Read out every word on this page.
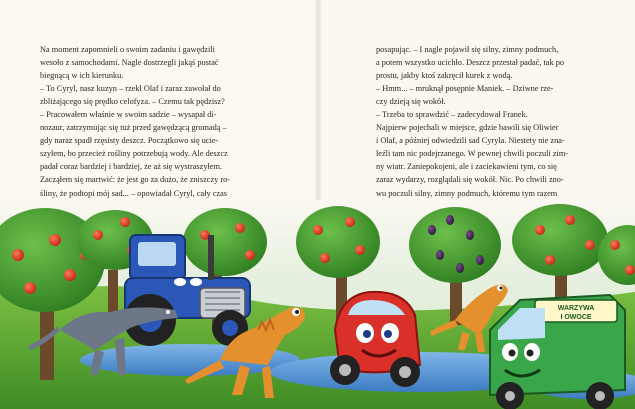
Na moment zapomnieli o swoim zadaniu i gawędzili

wesoło z samochodami. Nagle dostrzegli jakąś postać

biegnącą w ich kierunku.

– To Cyryl, nasz kuzyn – rzekł Olaf i zaraz zawołał do

zbliżającego się prędko celofyza. – Czemu tak pędzisz?

– Pracowałem właśnie w swoim sadzie – wysapał di-

nozaur, zatrzymując się tuż przed gawędzącą gromadą –

gdy naraz spadł rzęsisty deszcz. Początkowo się ucie-

szyłem, bo przecież rośliny potrzebują wody. Ale deszcz

padał coraz bardziej i bardziej, że aż się wystraszyłem.

Zacząłem się martwić: że jest go za dużo, że zniszczy ro-

śliny, że podtopi mój sad... – opowiadał Cyryl, cały czas

posapując. – I nagle pojawił się silny, zimny podmuch,

a potem wszystko ucichło. Deszcz przestał padać, tak po

prostu, jakby ktoś zakręcił kurek z wodą.

– Hmm... – mruknął posępnie Maniek. – Dziwne rze-

czy dzieją się wokół.

– Trzeba to sprawdzić – zadecydował Franek.

Najpierw pojechali w miejsce, gdzie bawili się Oliwier

i Olaf, a później odwiedzili sad Cyryla. Niestety nie zna-

leźli tam nic podejrzanego. W pewnej chwili poczuli zim-

ny wiatr. Zaniepokojeni, ale i zaciekawieni tym, co się

zaraz wydarzy, rozglądali się wokół. Nic. Po chwili zno-

wu poczuli silny, zimny podmuch, któremu tym razem

WARZYWA
I OWOCE
